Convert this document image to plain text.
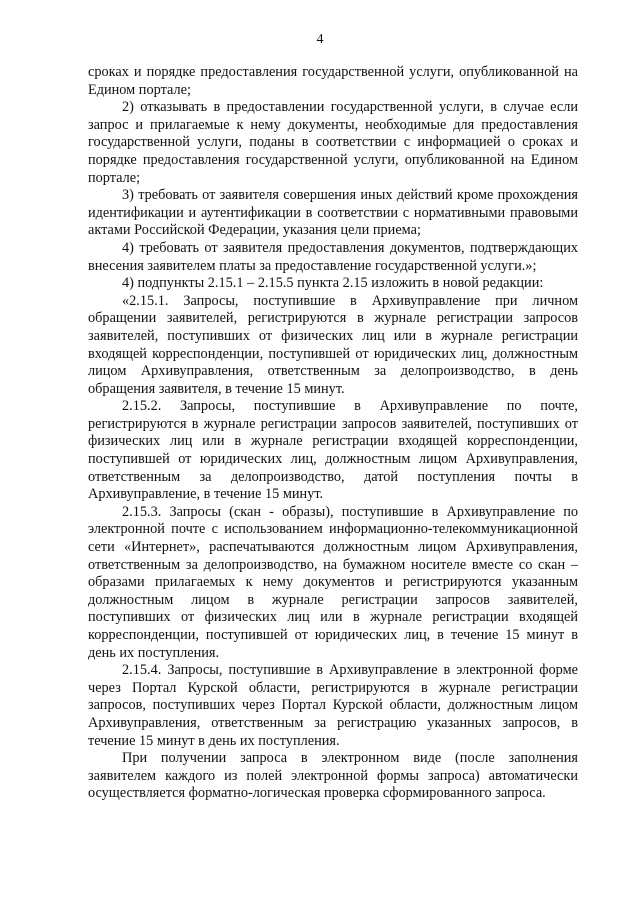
4

сроках и порядке предоставления государственной услуги, опубликованной на Едином портале;

2) отказывать в предоставлении государственной услуги, в случае если запрос и прилагаемые к нему документы, необходимые для предоставления государственной услуги, поданы в соответствии с информацией о сроках и порядке предоставления государственной услуги, опубликованной на Едином портале;

3) требовать от заявителя совершения иных действий кроме прохождения идентификации и аутентификации в соответствии с нормативными правовыми актами Российской Федерации, указания цели приема;

4) требовать от заявителя предоставления документов, подтверждающих внесения заявителем платы за предоставление государственной услуги.»;

4) подпункты 2.15.1 – 2.15.5 пункта 2.15 изложить в новой редакции:

«2.15.1. Запросы, поступившие в Архивуправление при личном обращении заявителей, регистрируются в журнале регистрации запросов заявителей, поступивших от физических лиц или в журнале регистрации входящей корреспонденции, поступившей от юридических лиц, должностным лицом Архивуправления, ответственным за делопроизводство, в день обращения заявителя, в течение 15 минут.

2.15.2. Запросы, поступившие в Архивуправление по почте, регистрируются в журнале регистрации запросов заявителей, поступивших от физических лиц или в журнале регистрации входящей корреспонденции, поступившей от юридических лиц, должностным лицом Архивуправления, ответственным за делопроизводство, датой поступления почты в Архивуправление, в течение 15 минут.

2.15.3. Запросы (скан - образы), поступившие в Архивуправление по электронной почте с использованием информационно-телекоммуникационной сети «Интернет», распечатываются должностным лицом Архивуправления, ответственным за делопроизводство, на бумажном носителе вместе со скан – образами прилагаемых к нему документов и регистрируются указанным должностным лицом в журнале регистрации запросов заявителей, поступивших от физических лиц или в журнале регистрации входящей корреспонденции, поступившей от юридических лиц, в течение 15 минут в день их поступления.

2.15.4. Запросы, поступившие в Архивуправление в электронной форме через Портал Курской области, регистрируются в журнале регистрации запросов, поступивших через Портал Курской области, должностным лицом Архивуправления, ответственным за регистрацию указанных запросов, в течение 15 минут в день их поступления.

При получении запроса в электронном виде (после заполнения заявителем каждого из полей электронной формы запроса) автоматически осуществляется форматно-логическая проверка сформированного запроса.
